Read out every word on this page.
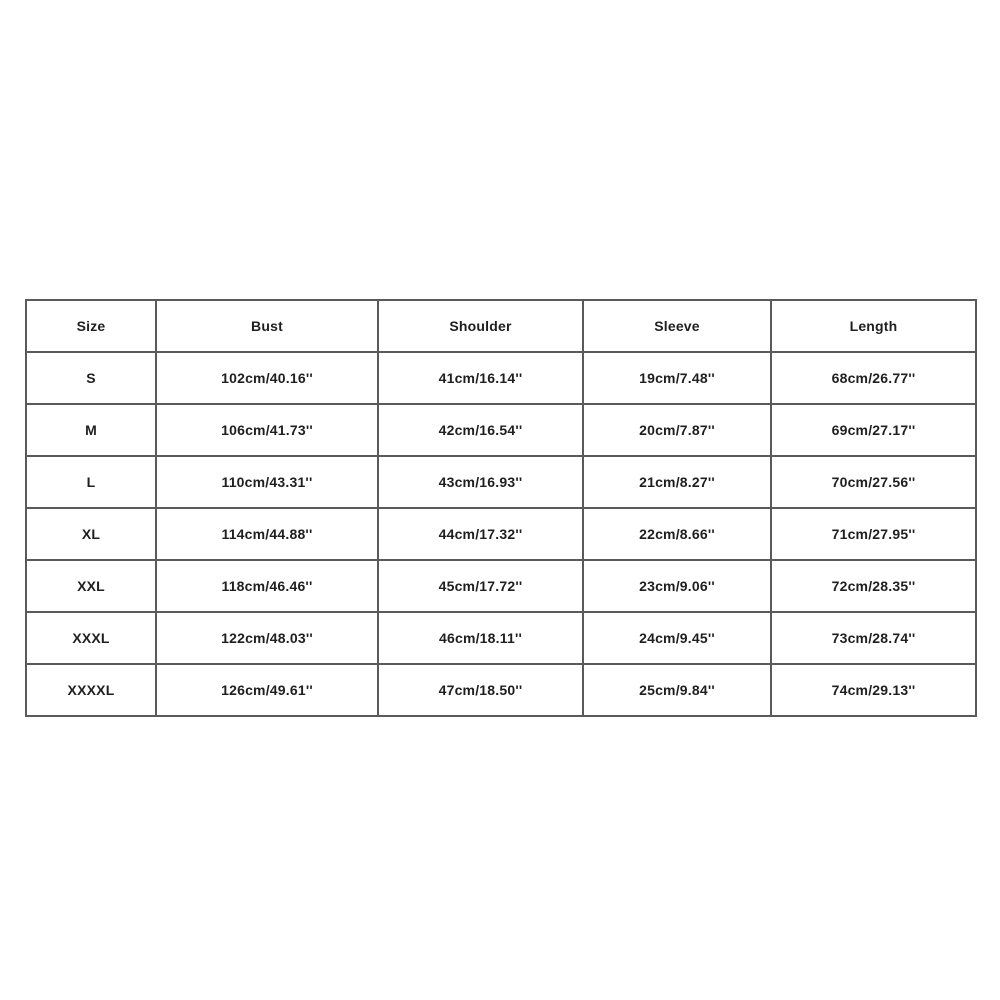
Size	Bust	Shoulder	Sleeve	Length
S	102cm/40.16''	41cm/16.14''	19cm/7.48''	68cm/26.77''
M	106cm/41.73''	42cm/16.54''	20cm/7.87''	69cm/27.17''
L	110cm/43.31''	43cm/16.93''	21cm/8.27''	70cm/27.56''
XL	114cm/44.88''	44cm/17.32''	22cm/8.66''	71cm/27.95''
XXL	118cm/46.46''	45cm/17.72''	23cm/9.06''	72cm/28.35''
XXXL	122cm/48.03''	46cm/18.11''	24cm/9.45''	73cm/28.74''
XXXXL	126cm/49.61''	47cm/18.50''	25cm/9.84''	74cm/29.13''
